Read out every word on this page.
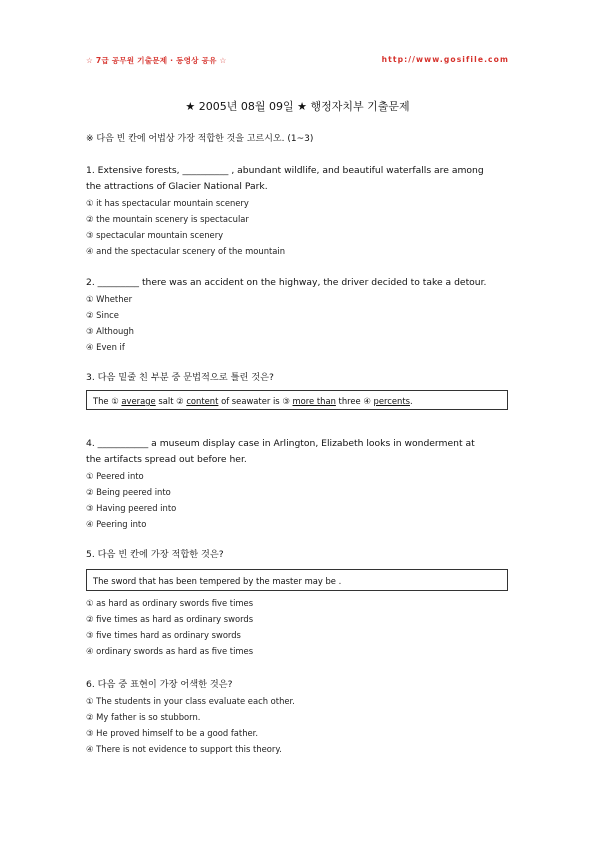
☆ 7급 공무원 기출문제 · 동영상 공유 ☆	http://www.gosifile.com
★ 2005년 08월 09일 ★ 행정자치부 기출문제
※ 다음 빈 칸에 어법상 가장 적합한 것을 고르시오. (1~3)
1. Extensive forests, __________ , abundant wildlife, and beautiful waterfalls are among
the attractions of Glacier National Park.
① it has spectacular mountain scenery
② the mountain scenery is spectacular
③ spectacular mountain scenery
④ and the spectacular scenery of the mountain
2. _________ there was an accident on the highway, the driver decided to take a detour.
① Whether
② Since
③ Although
④ Even if
3. 다음 밑줄 친 부분 중 문법적으로 틀린 것은?
The ① average salt ② content of seawater is ③ more than three ④ percents.
4. ___________ a museum display case in Arlington, Elizabeth looks in wonderment at
the artifacts spread out before her.
① Peered into
② Being peered into
③ Having peered into
④ Peering into
5. 다음 빈 칸에 가장 적합한 것은?
The sword that has been tempered by the master may be .
① as hard as ordinary swords five times
② five times as hard as ordinary swords
③ five times hard as ordinary swords
④ ordinary swords as hard as five times
6. 다음 중 표현이 가장 어색한 것은?
① The students in your class evaluate each other.
② My father is so stubborn.
③ He proved himself to be a good father.
④ There is not evidence to support this theory.
